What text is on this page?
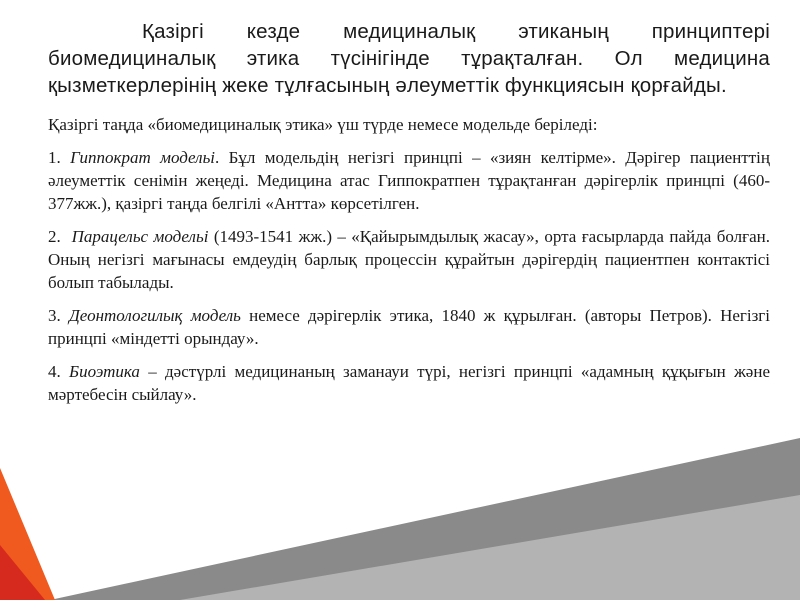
Қазіргі кезде медициналық этиканың принциптері биомедициналық этика түсінігінде тұрақталған. Ол медицина қызметкерлерінің жеке тұлғасының әлеуметтік функциясын қорғайды.

Қазіргі таңда «биомедициналық этика» үш түрде немесе модельде беріледі:

1. Гиппократ модельі. Бұл модельдің негізгі принцпі – «зиян келтірме». Дәрігер пациенттің әлеуметтік сенімін жеңеді. Медицина атас Гиппократпен тұрақтанған дәрігерлік принцпі (460-377жж.), қазіргі таңда белгілі «Антта» көрсетілген.

2. Парацельс модельі (1493-1541 жж.) – «Қайырымдылық жасау», орта ғасырларда пайда болған. Оның негізгі мағынасы емдеудің барлық процессін құрайтын дәрігердің пациентпен контактісі болып табылады.

3. Деонтологилық модель немесе дәрігерлік этика, 1840 ж құрылған. (авторы Петров). Негізгі принцпі «міндетті орындау».

4. Биоэтика – дәстүрлі медицинаның заманауи түрі, негізгі принцпі «адамның құқығын және мәртебесін сыйлау».
